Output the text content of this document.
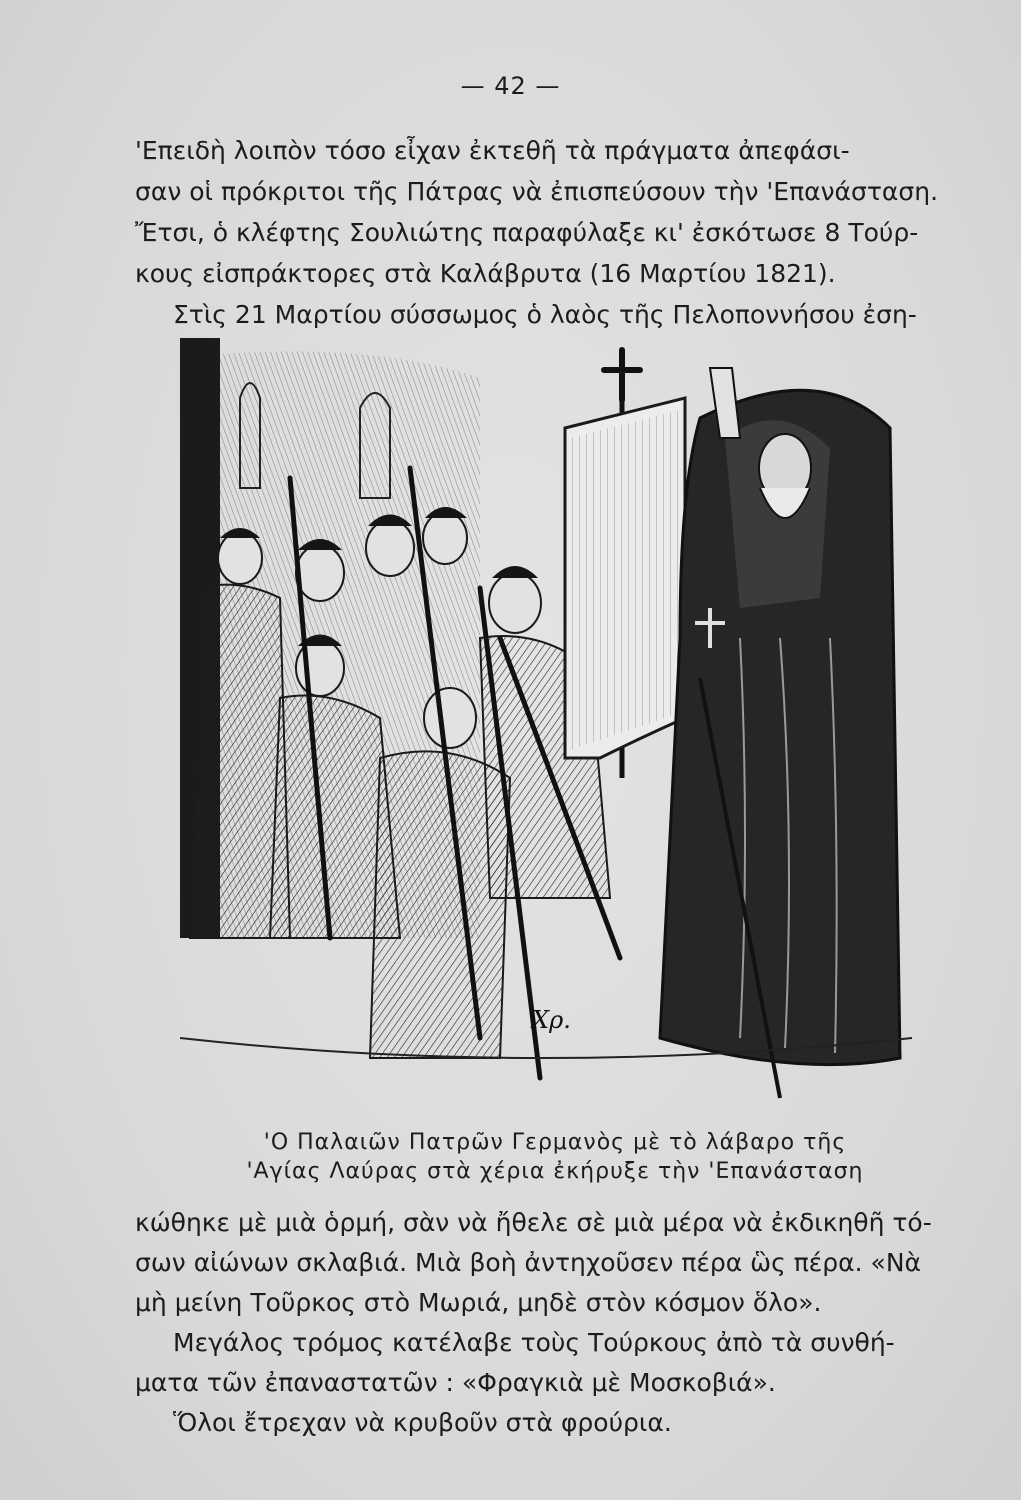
— 42 —
'Επειδὴ λοιπὸν τόσο εἶχαν ἐκτεθῆ τὰ πράγματα ἀπεφάσι-
σαν οἱ πρόκριτοι τῆς Πάτρας νὰ ἐπισπεύσουν τὴν 'Επανάσταση.
Ἔτσι, ὁ κλέφτης Σουλιώτης παραφύλαξε κι' ἐσκότωσε 8 Τούρ-
κους εἰσπράκτορες στὰ Καλάβρυτα (16 Μαρτίου 1821).
Στὶς 21 Μαρτίου σύσσωμος ὁ λαὸς τῆς Πελοποννήσου ἐση-
Χρ.
'Ο Παλαιῶν Πατρῶν Γερμανὸς μὲ τὸ λάβαρο τῆς
'Αγίας Λαύρας στὰ χέρια ἐκήρυξε τὴν 'Επανάσταση
κώθηκε μὲ μιὰ ὁρμή, σὰν νὰ ἤθελε σὲ μιὰ μέρα νὰ ἐκδικηθῆ τό-
σων αἰώνων σκλαβιά. Μιὰ βοὴ ἀντηχοῦσεν πέρα ὣς πέρα. «Νὰ
μὴ μείνη Τοῦρκος στὸ Μωριά, μηδὲ στὸν κόσμον ὅλο».
Μεγάλος τρόμος κατέλαβε τοὺς Τούρκους ἀπὸ τὰ συνθή-
ματα τῶν ἐπαναστατῶν : «Φραγκιὰ μὲ Μοσκοβιά».
Ὅλοι ἔτρεχαν νὰ κρυβοῦν στὰ φρούρια.
